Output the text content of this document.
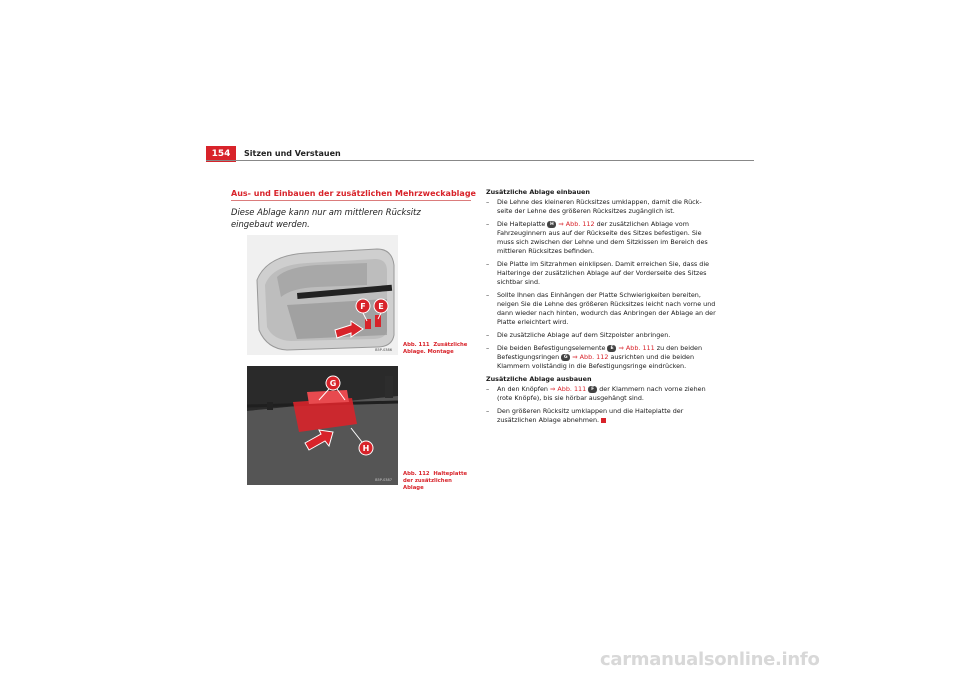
154	Sitzen und Verstauen
Aus- und Einbauen der zusätzlichen Mehrzweckablage
Diese Ablage kann nur am mittleren Rücksitz eingebaut werden.
F E
B5P-0386
Abb. 111 Zusätzliche Ablage. Montage
G
H
B5P-0387
Abb. 112 Halteplatte der zusätzlichen Ablage
Zusätzliche Ablage einbauen
– Die Lehne des kleineren Rücksitzes umklappen, damit die Rück-seite der Lehne des größeren Rücksitzes zugänglich ist.
– Die Halteplatte H ⇒ Abb. 112 der zusätzlichen Ablage vom Fahrzeuginnern aus auf der Rückseite des Sitzes befestigen. Sie muss sich zwischen der Lehne und dem Sitzkissen im Bereich des mittleren Rücksitzes befinden.
– Die Platte im Sitzrahmen einklipsen. Damit erreichen Sie, dass die Halteringe der zusätzlichen Ablage auf der Vorderseite des Sitzes sichtbar sind.
– Sollte Ihnen das Einhängen der Platte Schwierigkeiten bereiten, neigen Sie die Lehne des größeren Rücksitzes leicht nach vorne und dann wieder nach hinten, wodurch das Anbringen der Ablage an der Platte erleichtert wird.
– Die zusätzliche Ablage auf dem Sitzpolster anbringen.
– Die beiden Befestigungselemente E ⇒ Abb. 111 zu den beiden Befestigungsringen G ⇒ Abb. 112 ausrichten und die beiden Klammern vollständig in die Befestigungsringe eindrücken.
Zusätzliche Ablage ausbauen
– An den Knöpfen ⇒ Abb. 111 F der Klammern nach vorne ziehen (rote Knöpfe), bis sie hörbar ausgehängt sind.
– Den größeren Rücksitz umklappen und die Halteplatte der zusätzlichen Ablage abnehmen.
carmanualsonline.info
